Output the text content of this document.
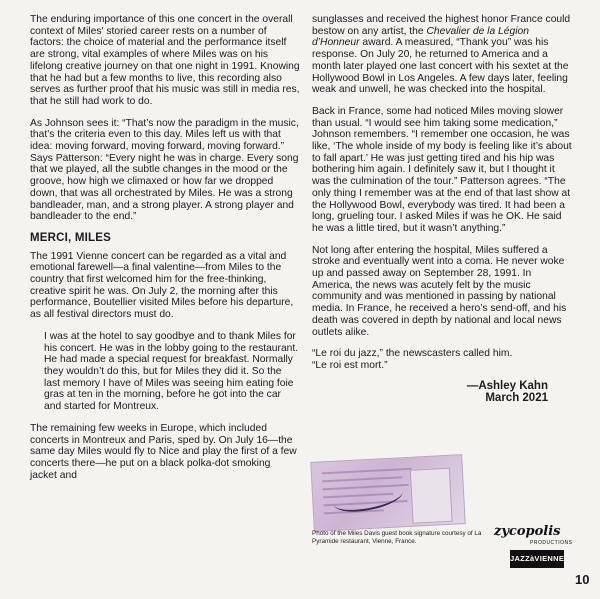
The enduring importance of this one concert in the overall context of Miles' storied career rests on a number of factors: the choice of material and the performance itself are strong, vital examples of where Miles was on his lifelong creative journey on that one night in 1991. Knowing that he had but a few months to live, this recording also serves as further proof that his music was still in media res, that he still had work to do.

As Johnson sees it: “That’s now the paradigm in the music, that’s the criteria even to this day. Miles left us with that idea: moving forward, moving forward, moving forward.” Says Patterson: “Every night he was in charge. Every song that we played, all the subtle changes in the mood or the groove, how high we climaxed or how far we dropped down, that was all orchestrated by Miles. He was a strong bandleader, man, and a strong player. A strong player and bandleader to the end.”

MERCI, MILES

The 1991 Vienne concert can be regarded as a vital and emotional farewell—a final valentine—from Miles to the country that first welcomed him for the free-thinking, creative spirit he was. On July 2, the morning after this performance, Boutellier visited Miles before his departure, as all festival directors must do.

I was at the hotel to say goodbye and to thank Miles for his concert. He was in the lobby going to the restaurant. He had made a special request for breakfast. Normally they wouldn’t do this, but for Miles they did it. So the last memory I have of Miles was seeing him eating foie gras at ten in the morning, before he got into the car and started for Montreux.

The remaining few weeks in Europe, which included concerts in Montreux and Paris, sped by. On July 16—the same day Miles would fly to Nice and play the first of a few concerts there—he put on a black polka-dot smoking jacket and

sunglasses and received the highest honor France could bestow on any artist, the Chevalier de la Légion d’Honneur award. A measured, “Thank you” was his response. On July 20, he returned to America and a month later played one last concert with his sextet at the Hollywood Bowl in Los Angeles. A few days later, feeling weak and unwell, he was checked into the hospital.

Back in France, some had noticed Miles moving slower than usual. “I would see him taking some medication,” Johnson remembers. “I remember one occasion, he was like, ‘The whole inside of my body is feeling like it’s about to fall apart.’ He was just getting tired and his hip was bothering him again. I definitely saw it, but I thought it was the culmination of the tour.” Patterson agrees. “The only thing I remember was at the end of that last show at the Hollywood Bowl, everybody was tired. It had been a long, grueling tour. I asked Miles if was he OK. He said he was a little tired, but it wasn’t anything.”

Not long after entering the hospital, Miles suffered a stroke and eventually went into a coma. He never woke up and passed away on September 28, 1991. In America, the news was acutely felt by the music community and was mentioned in passing by national media. In France, he received a hero’s send-off, and his death was covered in depth by national and local news outlets alike.

“Le roi du jazz,” the newscasters called him.
“Le roi est mort.”

—Ashley Kahn
March 2021
Photo of the Miles Davis guest book signature courtesy of La Pyramide restaurant, Vienne, France.
zycopolis
PRODUCTIONS
JAZZàVIENNE
10
